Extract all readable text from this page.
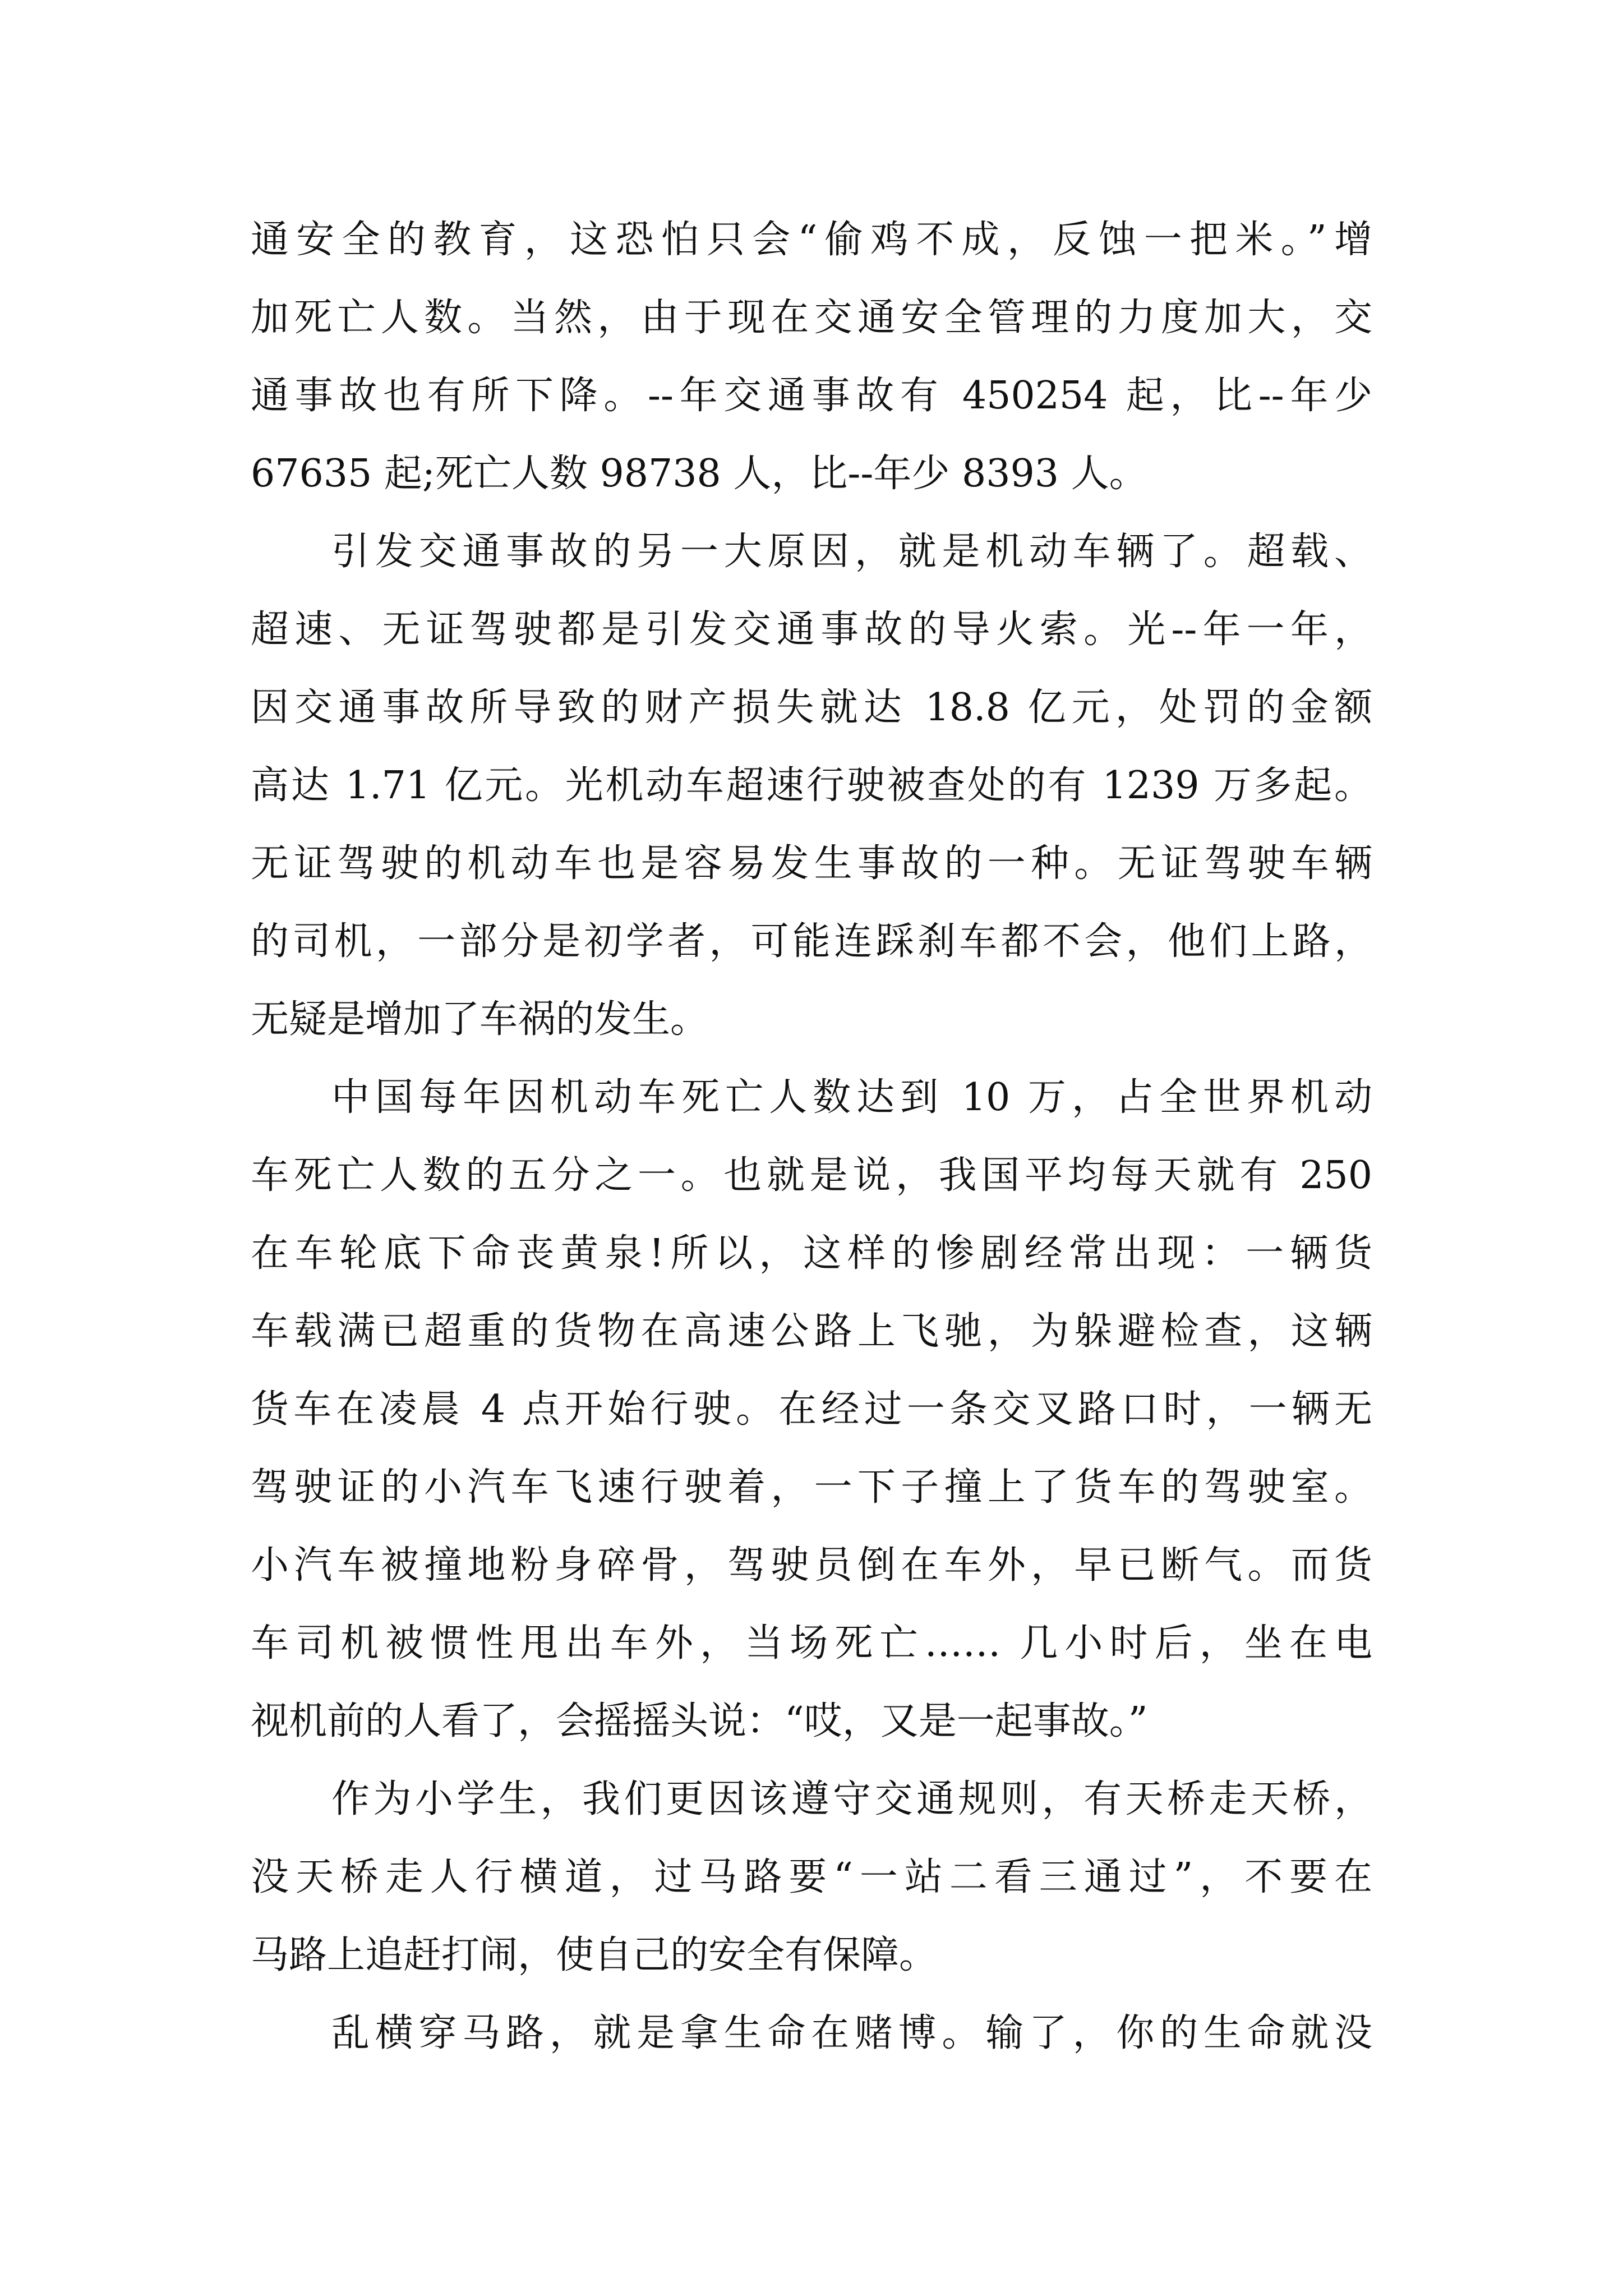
通安全的教育，这恐怕只会“偷鸡不成，反蚀一把米。”增
加死亡人数。当然，由于现在交通安全管理的力度加大，交
通事故也有所下降。--年交通事故有 450254 起，比--年少
67635 起;死亡人数 98738 人，比--年少 8393 人。

引发交通事故的另一大原因，就是机动车辆了。超载、
超速、无证驾驶都是引发交通事故的导火索。光--年一年，
因交通事故所导致的财产损失就达 18.8 亿元，处罚的金额
高达 1.71 亿元。光机动车超速行驶被查处的有 1239 万多起。
无证驾驶的机动车也是容易发生事故的一种。无证驾驶车辆
的司机，一部分是初学者，可能连踩刹车都不会，他们上路，
无疑是增加了车祸的发生。

中国每年因机动车死亡人数达到 10 万，占全世界机动
车死亡人数的五分之一。也就是说，我国平均每天就有 250
在车轮底下命丧黄泉!所以，这样的惨剧经常出现：一辆货
车载满已超重的货物在高速公路上飞驰，为躲避检查，这辆
货车在凌晨 4 点开始行驶。在经过一条交叉路口时，一辆无
驾驶证的小汽车飞速行驶着，一下子撞上了货车的驾驶室。
小汽车被撞地粉身碎骨，驾驶员倒在车外，早已断气。而货
车司机被惯性甩出车外，当场死亡…… 几小时后，坐在电
视机前的人看了，会摇摇头说：“哎，又是一起事故。”

作为小学生，我们更因该遵守交通规则，有天桥走天桥，
没天桥走人行横道，过马路要“一站二看三通过”，不要在
马路上追赶打闹，使自己的安全有保障。

乱横穿马路，就是拿生命在赌博。输了，你的生命就没
